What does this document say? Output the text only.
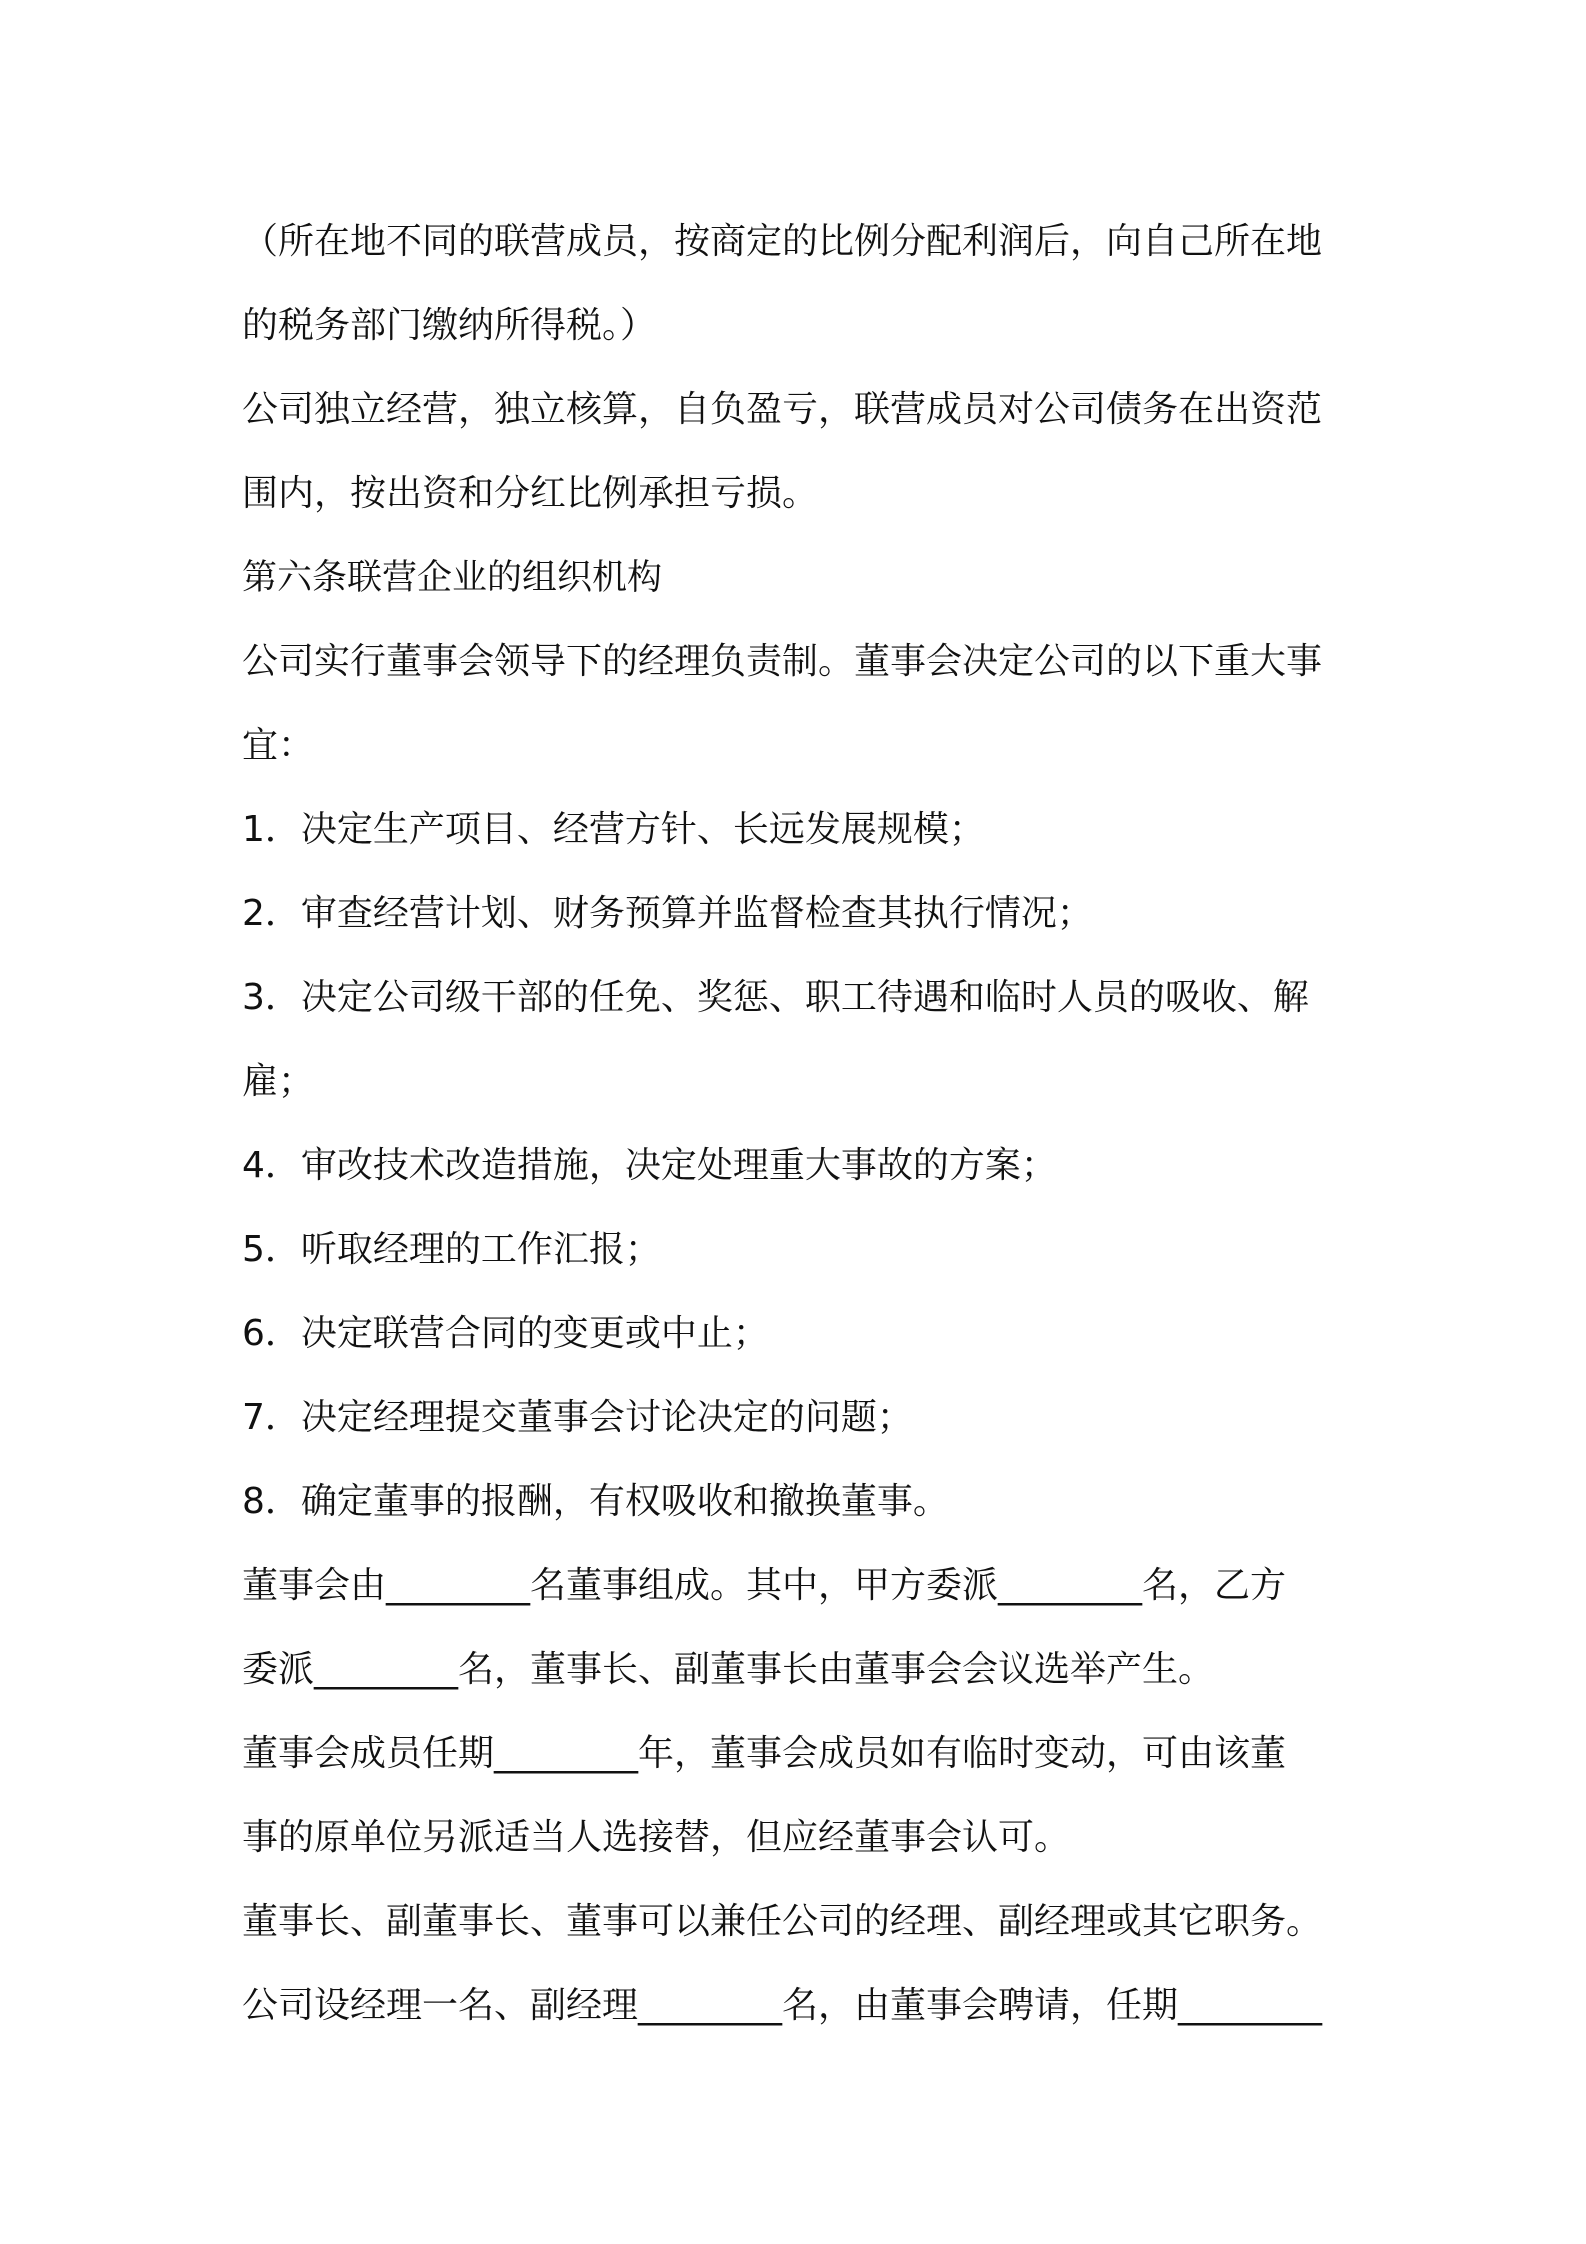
（所在地不同的联营成员，按商定的比例分配利润后，向自己所在地
的税务部门缴纳所得税。）
公司独立经营，独立核算，自负盈亏，联营成员对公司债务在出资范
围内，按出资和分红比例承担亏损。
第六条联营企业的组织机构
公司实行董事会领导下的经理负责制。董事会决定公司的以下重大事
宜：
1．决定生产项目、经营方针、长远发展规模；
2．审查经营计划、财务预算并监督检查其执行情况；
3．决定公司级干部的任免、奖惩、职工待遇和临时人员的吸收、解
雇；
4．审改技术改造措施，决定处理重大事故的方案；
5．听取经理的工作汇报；
6．决定联营合同的变更或中止；
7．决定经理提交董事会讨论决定的问题；
8．确定董事的报酬，有权吸收和撤换董事。
董事会由________名董事组成。其中，甲方委派________名，乙方
委派________名，董事长、副董事长由董事会会议选举产生。
董事会成员任期________年，董事会成员如有临时变动，可由该董
事的原单位另派适当人选接替，但应经董事会认可。
董事长、副董事长、董事可以兼任公司的经理、副经理或其它职务。
公司设经理一名、副经理________名，由董事会聘请，任期________
